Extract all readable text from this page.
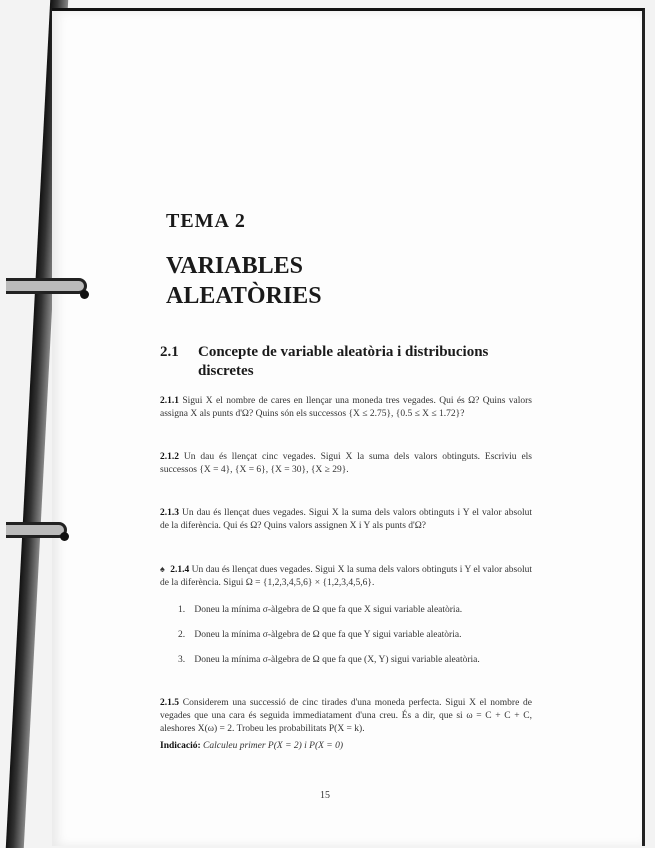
TEMA 2
VARIABLES
ALEATÒRIES
2.1	Concepte de variable aleatòria i distribucions discretes
2.1.1 Sigui X el nombre de cares en llençar una moneda tres vegades. Qui és Ω? Quins valors assigna X als punts d'Ω? Quins són els successos {X ≤ 2.75}, {0.5 ≤ X ≤ 1.72}?
2.1.2 Un dau és llençat cinc vegades. Sigui X la suma dels valors obtinguts. Escriviu els successos {X = 4}, {X = 6}, {X = 30}, {X ≥ 29}.
2.1.3 Un dau és llençat dues vegades. Sigui X la suma dels valors obtinguts i Y el valor absolut de la diferència. Qui és Ω? Quins valors assignen X i Y als punts d'Ω?
♠ 2.1.4 Un dau és llençat dues vegades. Sigui X la suma dels valors obtinguts i Y el valor absolut de la diferència. Sigui Ω = {1,2,3,4,5,6} × {1,2,3,4,5,6}.
1. Doneu la mínima σ-àlgebra de Ω que fa que X sigui variable aleatòria.
2. Doneu la mínima σ-àlgebra de Ω que fa que Y sigui variable aleatòria.
3. Doneu la mínima σ-àlgebra de Ω que fa que (X, Y) sigui variable aleatòria.
2.1.5 Considerem una successió de cinc tirades d'una moneda perfecta. Sigui X el nombre de vegades que una cara és seguida immediatament d'una creu. És a dir, que si ω = C + C + C, aleshores X(ω) = 2. Trobeu les probabilitats P(X = k).
Indicació: Calculeu primer P(X = 2) i P(X = 0)
15
